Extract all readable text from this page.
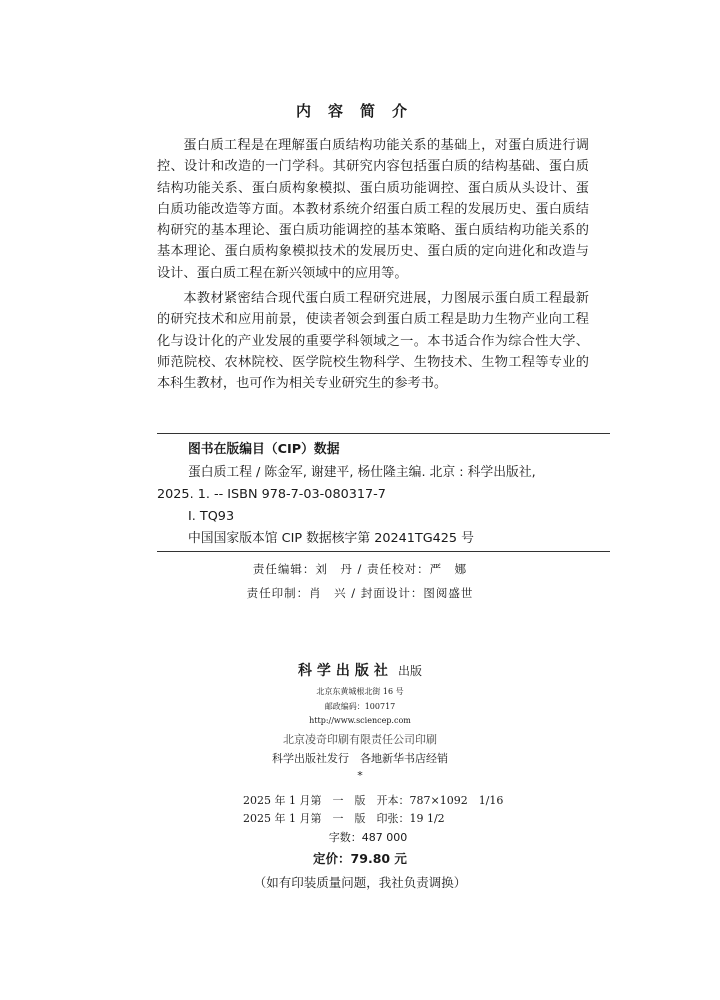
内容简介

蛋白质工程是在理解蛋白质结构功能关系的基础上，对蛋白质进行调控、设计和改造的一门学科。其研究内容包括蛋白质的结构基础、蛋白质结构功能关系、蛋白质构象模拟、蛋白质功能调控、蛋白质从头设计、蛋白质功能改造等方面。本教材系统介绍蛋白质工程的发展历史、蛋白质结构研究的基本理论、蛋白质功能调控的基本策略、蛋白质结构功能关系的基本理论、蛋白质构象模拟技术的发展历史、蛋白质的定向进化和改造与设计、蛋白质工程在新兴领域中的应用等。

本教材紧密结合现代蛋白质工程研究进展，力图展示蛋白质工程最新的研究技术和应用前景，使读者领会到蛋白质工程是助力生物产业向工程化与设计化的产业发展的重要学科领域之一。本书适合作为综合性大学、师范院校、农林院校、医学院校生物科学、生物技术、生物工程等专业的本科生教材，也可作为相关专业研究生的参考书。

图书在版编目（CIP）数据
蛋白质工程 / 陈金军, 谢建平, 杨仕隆主编. 北京 : 科学出版社,
2025. 1. -- ISBN 978-7-03-080317-7
Ⅰ. TQ93
中国国家版本馆 CIP 数据核字第 20241TG425 号
责任编辑：刘　丹 / 责任校对：严　娜
责任印制：肖　兴 / 封面设计：图阅盛世
科学出版社 出版
北京东黄城根北街 16 号
邮政编码：100717
http://www.sciencep.com
北京凌奇印刷有限责任公司印刷
科学出版社发行　各地新华书店经销
*
2025 年 1 月第　一　版　开本：787×1092　1/16
2025 年 1 月第　一　版　印张：19 1/2
字数：487 000
定价：79.80 元
（如有印装质量问题，我社负责调换）
